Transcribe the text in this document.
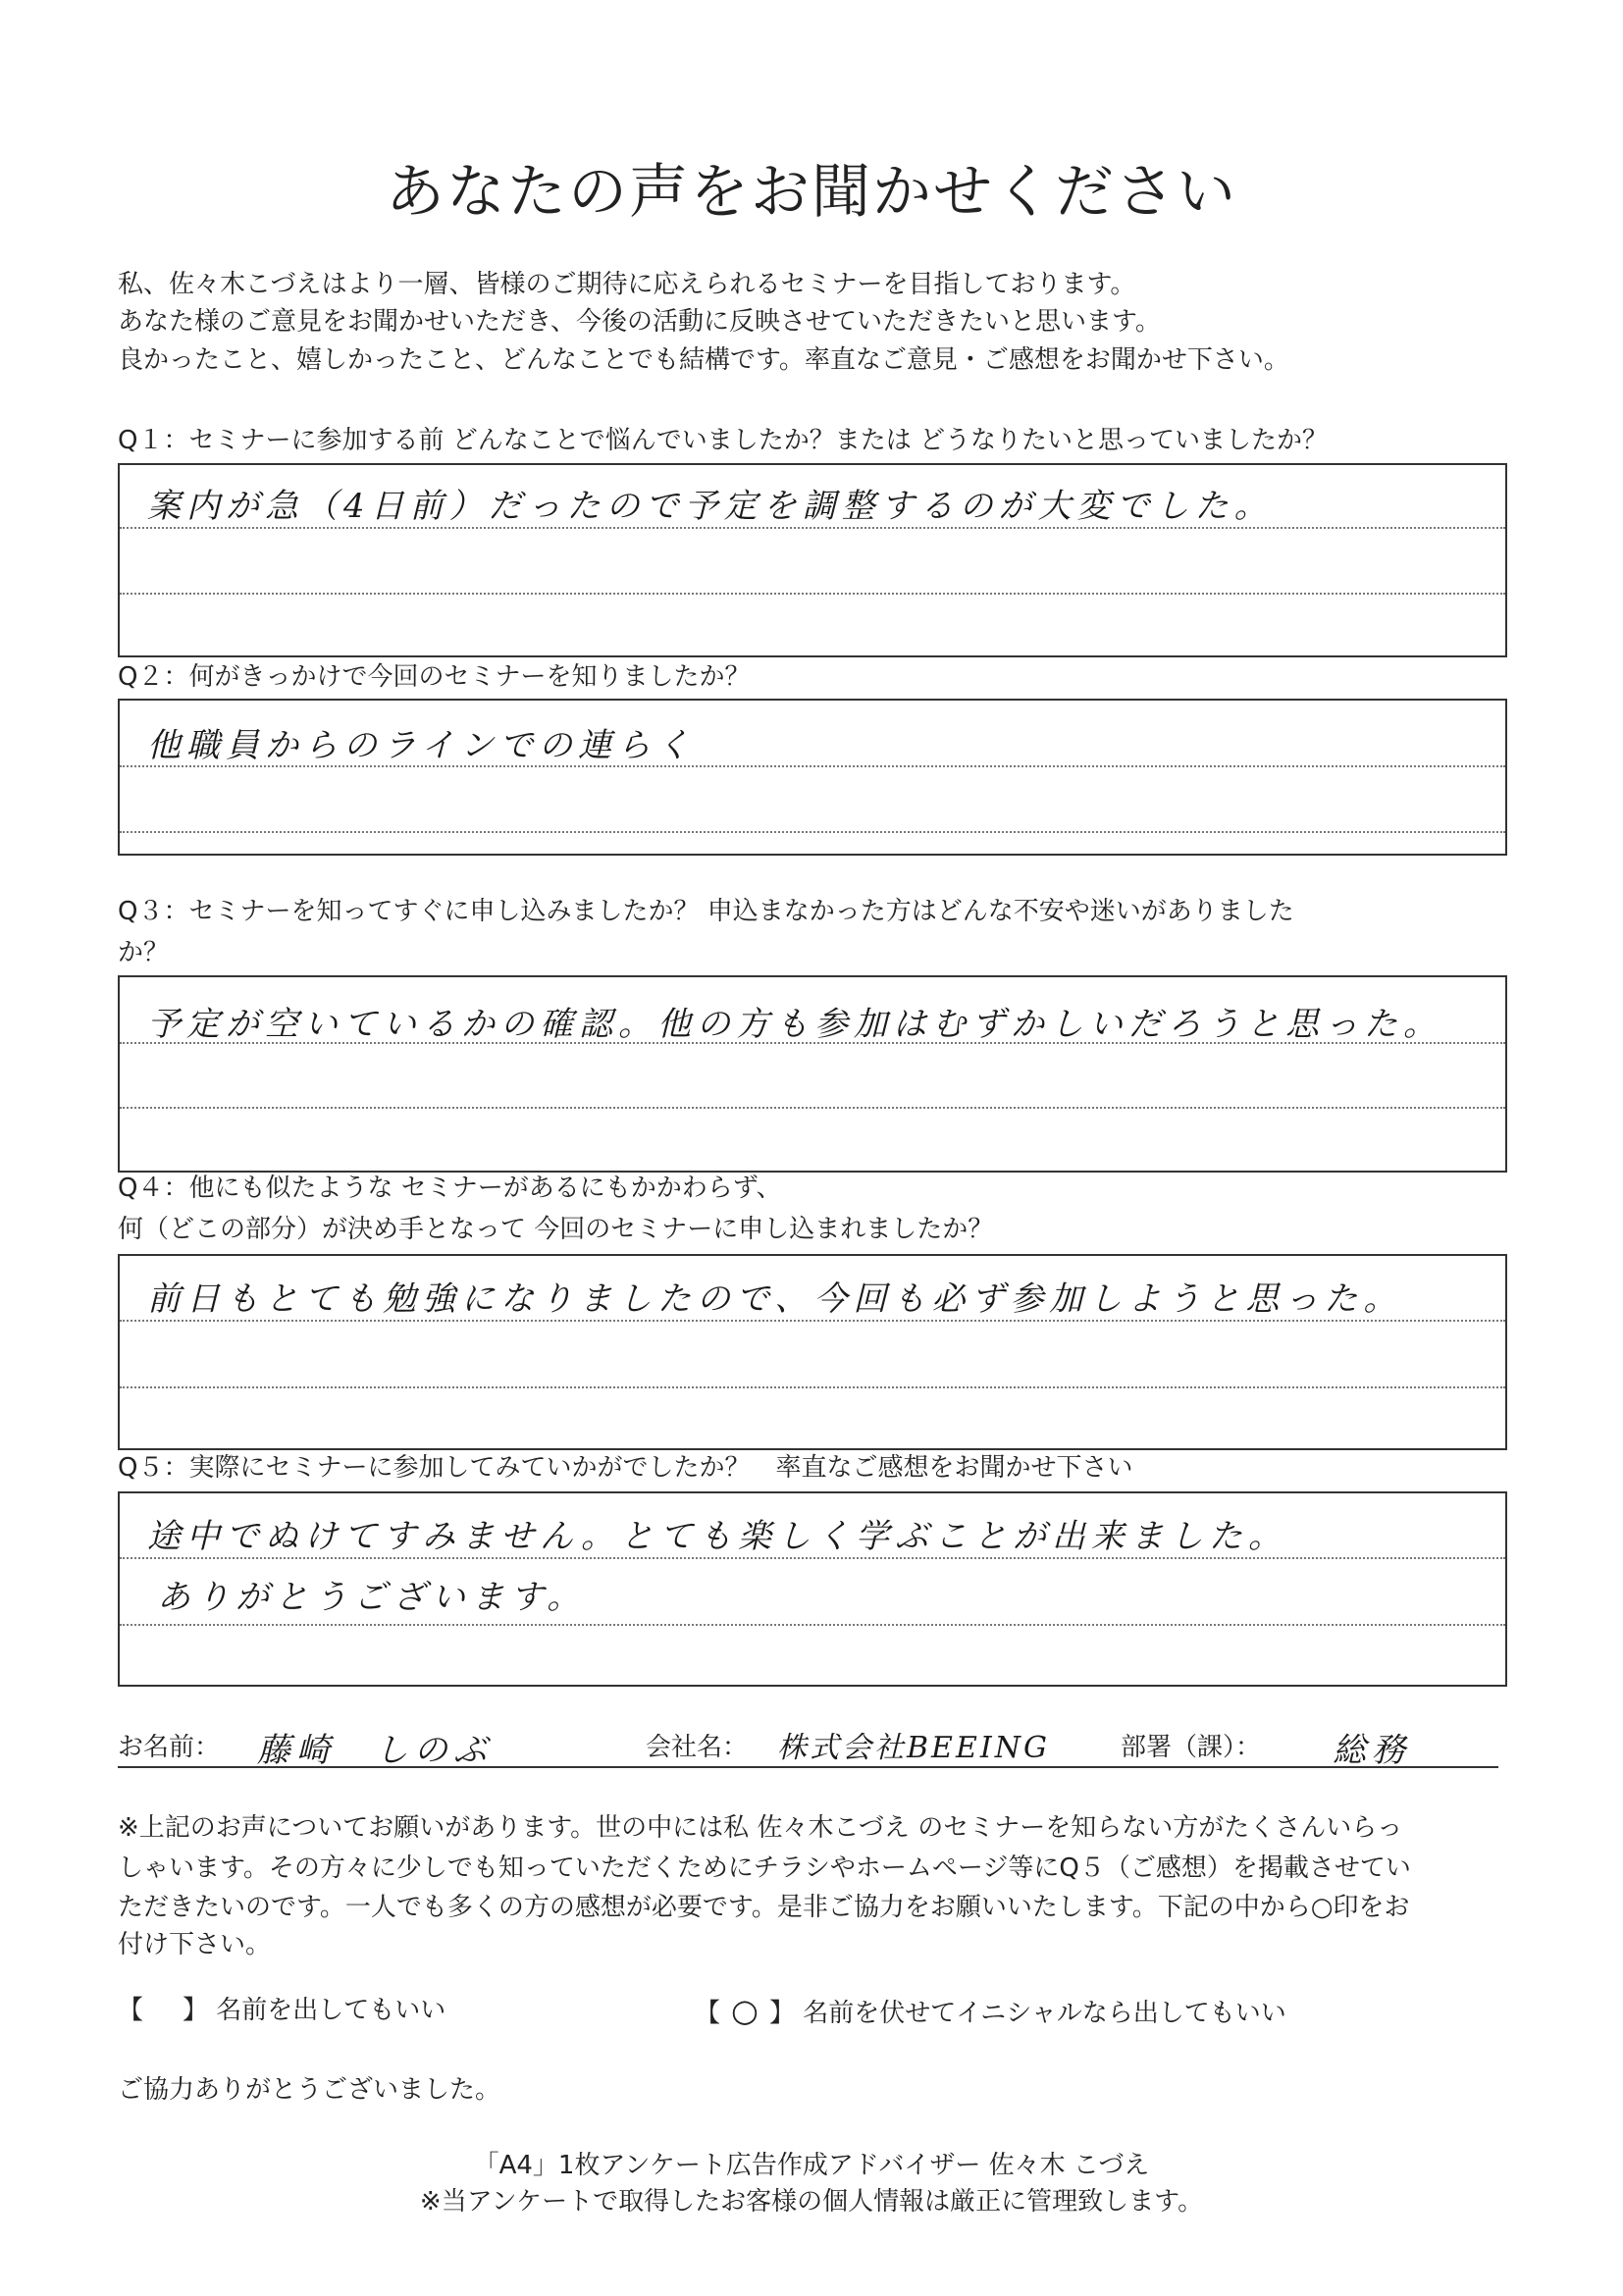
あなたの声をお聞かせください
私、佐々木こづえはより一層、皆様のご期待に応えられるセミナーを目指しております。
あなた様のご意見をお聞かせいただき、今後の活動に反映させていただきたいと思います。
良かったこと、嬉しかったこと、どんなことでも結構です。率直なご意見・ご感想をお聞かせ下さい。
Q１：セミナーに参加する前 どんなことで悩んでいましたか？または どうなりたいと思っていましたか？
案内が急（4日前）だったので予定を調整するのが大変でした。
Q２：何がきっかけで今回のセミナーを知りましたか？
他職員からのラインでの連らく
Q３：セミナーを知ってすぐに申し込みましたか？ 申込まなかった方はどんな不安や迷いがありました
か？
予定が空いているかの確認。他の方も参加はむずかしいだろうと思った。
Q４：他にも似たような セミナーがあるにもかかわらず、
何（どこの部分）が決め手となって 今回のセミナーに申し込まれましたか？
前日もとても勉強になりましたので、今回も必ず参加しようと思った。
Q５：実際にセミナーに参加してみていかがでしたか？　率直なご感想をお聞かせ下さい
途中でぬけてすみません。とても楽しく学ぶことが出来ました。
ありがとうございます。
お名前： 藤崎　しのぶ	会社名： 株式会社BEEING	部署（課）： 総務
※上記のお声についてお願いがあります。世の中には私 佐々木こづえ のセミナーを知らない方がたくさんいらっ
しゃいます。その方々に少しでも知っていただくためにチラシやホームページ等にQ５（ご感想）を掲載させてい
ただきたいのです。一人でも多くの方の感想が必要です。是非ご協力をお願いいたします。下記の中から○印をお
付け下さい。
【 】 名前を出してもいい	【 ○ 】 名前を伏せてイニシャルなら出してもいい
ご協力ありがとうございました。
「A4」1枚アンケート広告作成アドバイザー 佐々木 こづえ
※当アンケートで取得したお客様の個人情報は厳正に管理致します。
